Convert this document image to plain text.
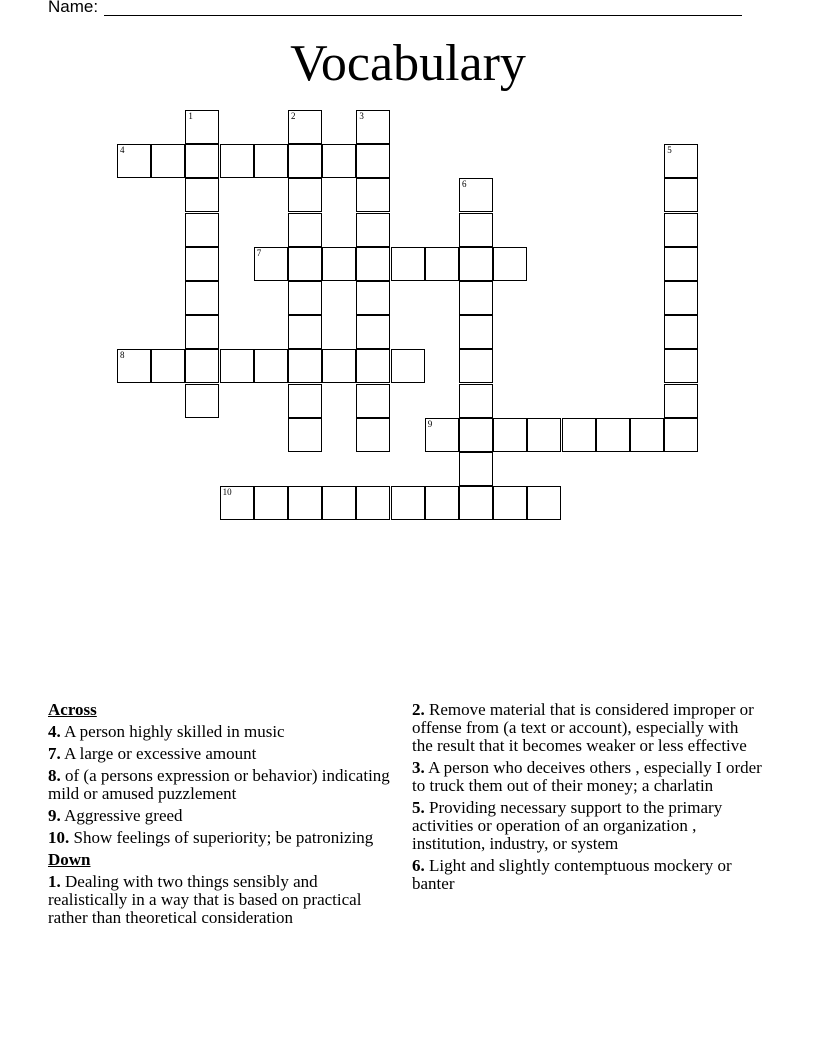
Name:
Vocabulary
1	2	3
4	5
6
7
8
9
10
Across
4. A person highly skilled in music
7. A large or excessive amount
8. of (a persons expression or behavior) indicating mild or amused puzzlement
9. Aggressive greed
10. Show feelings of superiority; be patronizing
Down
1. Dealing with two things sensibly and realistically in a way that is based on practical rather than theoretical consideration
2. Remove material that is considered improper or offense from (a text or account), especially with the result that it becomes weaker or less effective
3. A person who deceives others , especially I order to truck them out of their money; a charlatin
5. Providing necessary support to the primary activities or operation of an organization , institution, industry, or system
6. Light and slightly contemptuous mockery or banter
